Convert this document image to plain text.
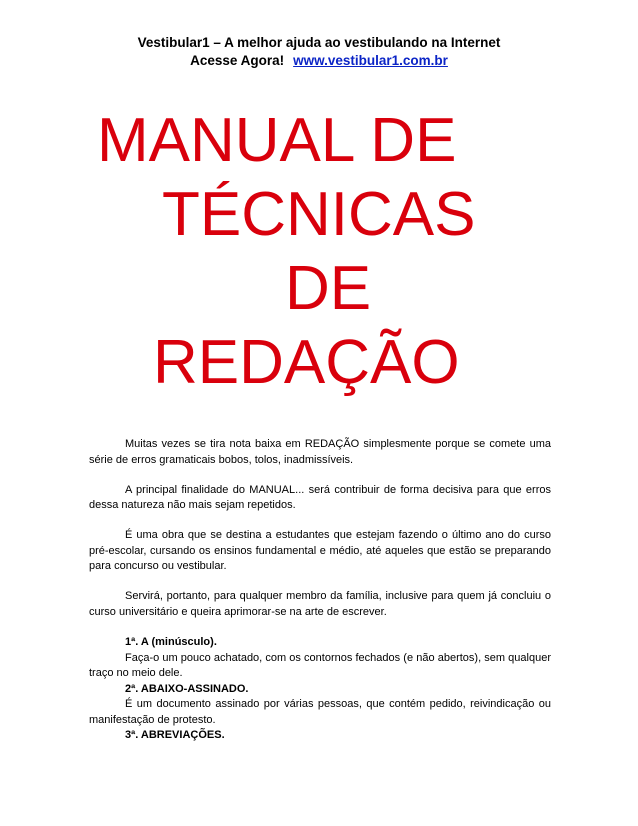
Vestibular1 – A melhor ajuda ao vestibulando na Internet
Acesse Agora! www.vestibular1.com.br
MANUAL DE
TÉCNICAS
DE
REDAÇÃO

Muitas vezes se tira nota baixa em REDAÇÃO simplesmente porque se comete uma série de erros gramaticais bobos, tolos, inadmissíveis.

A principal finalidade do MANUAL... será contribuir de forma decisiva para que erros dessa natureza não mais sejam repetidos.

É uma obra que se destina a estudantes que estejam fazendo o último ano do curso pré-escolar, cursando os ensinos fundamental e médio, até aqueles que estão se preparando para concurso ou vestibular.

Servirá, portanto, para qualquer membro da família, inclusive para quem já concluiu o curso universitário e queira aprimorar-se na arte de escrever.

1ª. A (minúsculo).
Faça-o um pouco achatado, com os contornos fechados (e não abertos), sem qualquer traço no meio dele.
2ª. ABAIXO-ASSINADO.
É um documento assinado por várias pessoas, que contém pedido, reivindicação ou manifestação de protesto.
3ª. ABREVIAÇÕES.
